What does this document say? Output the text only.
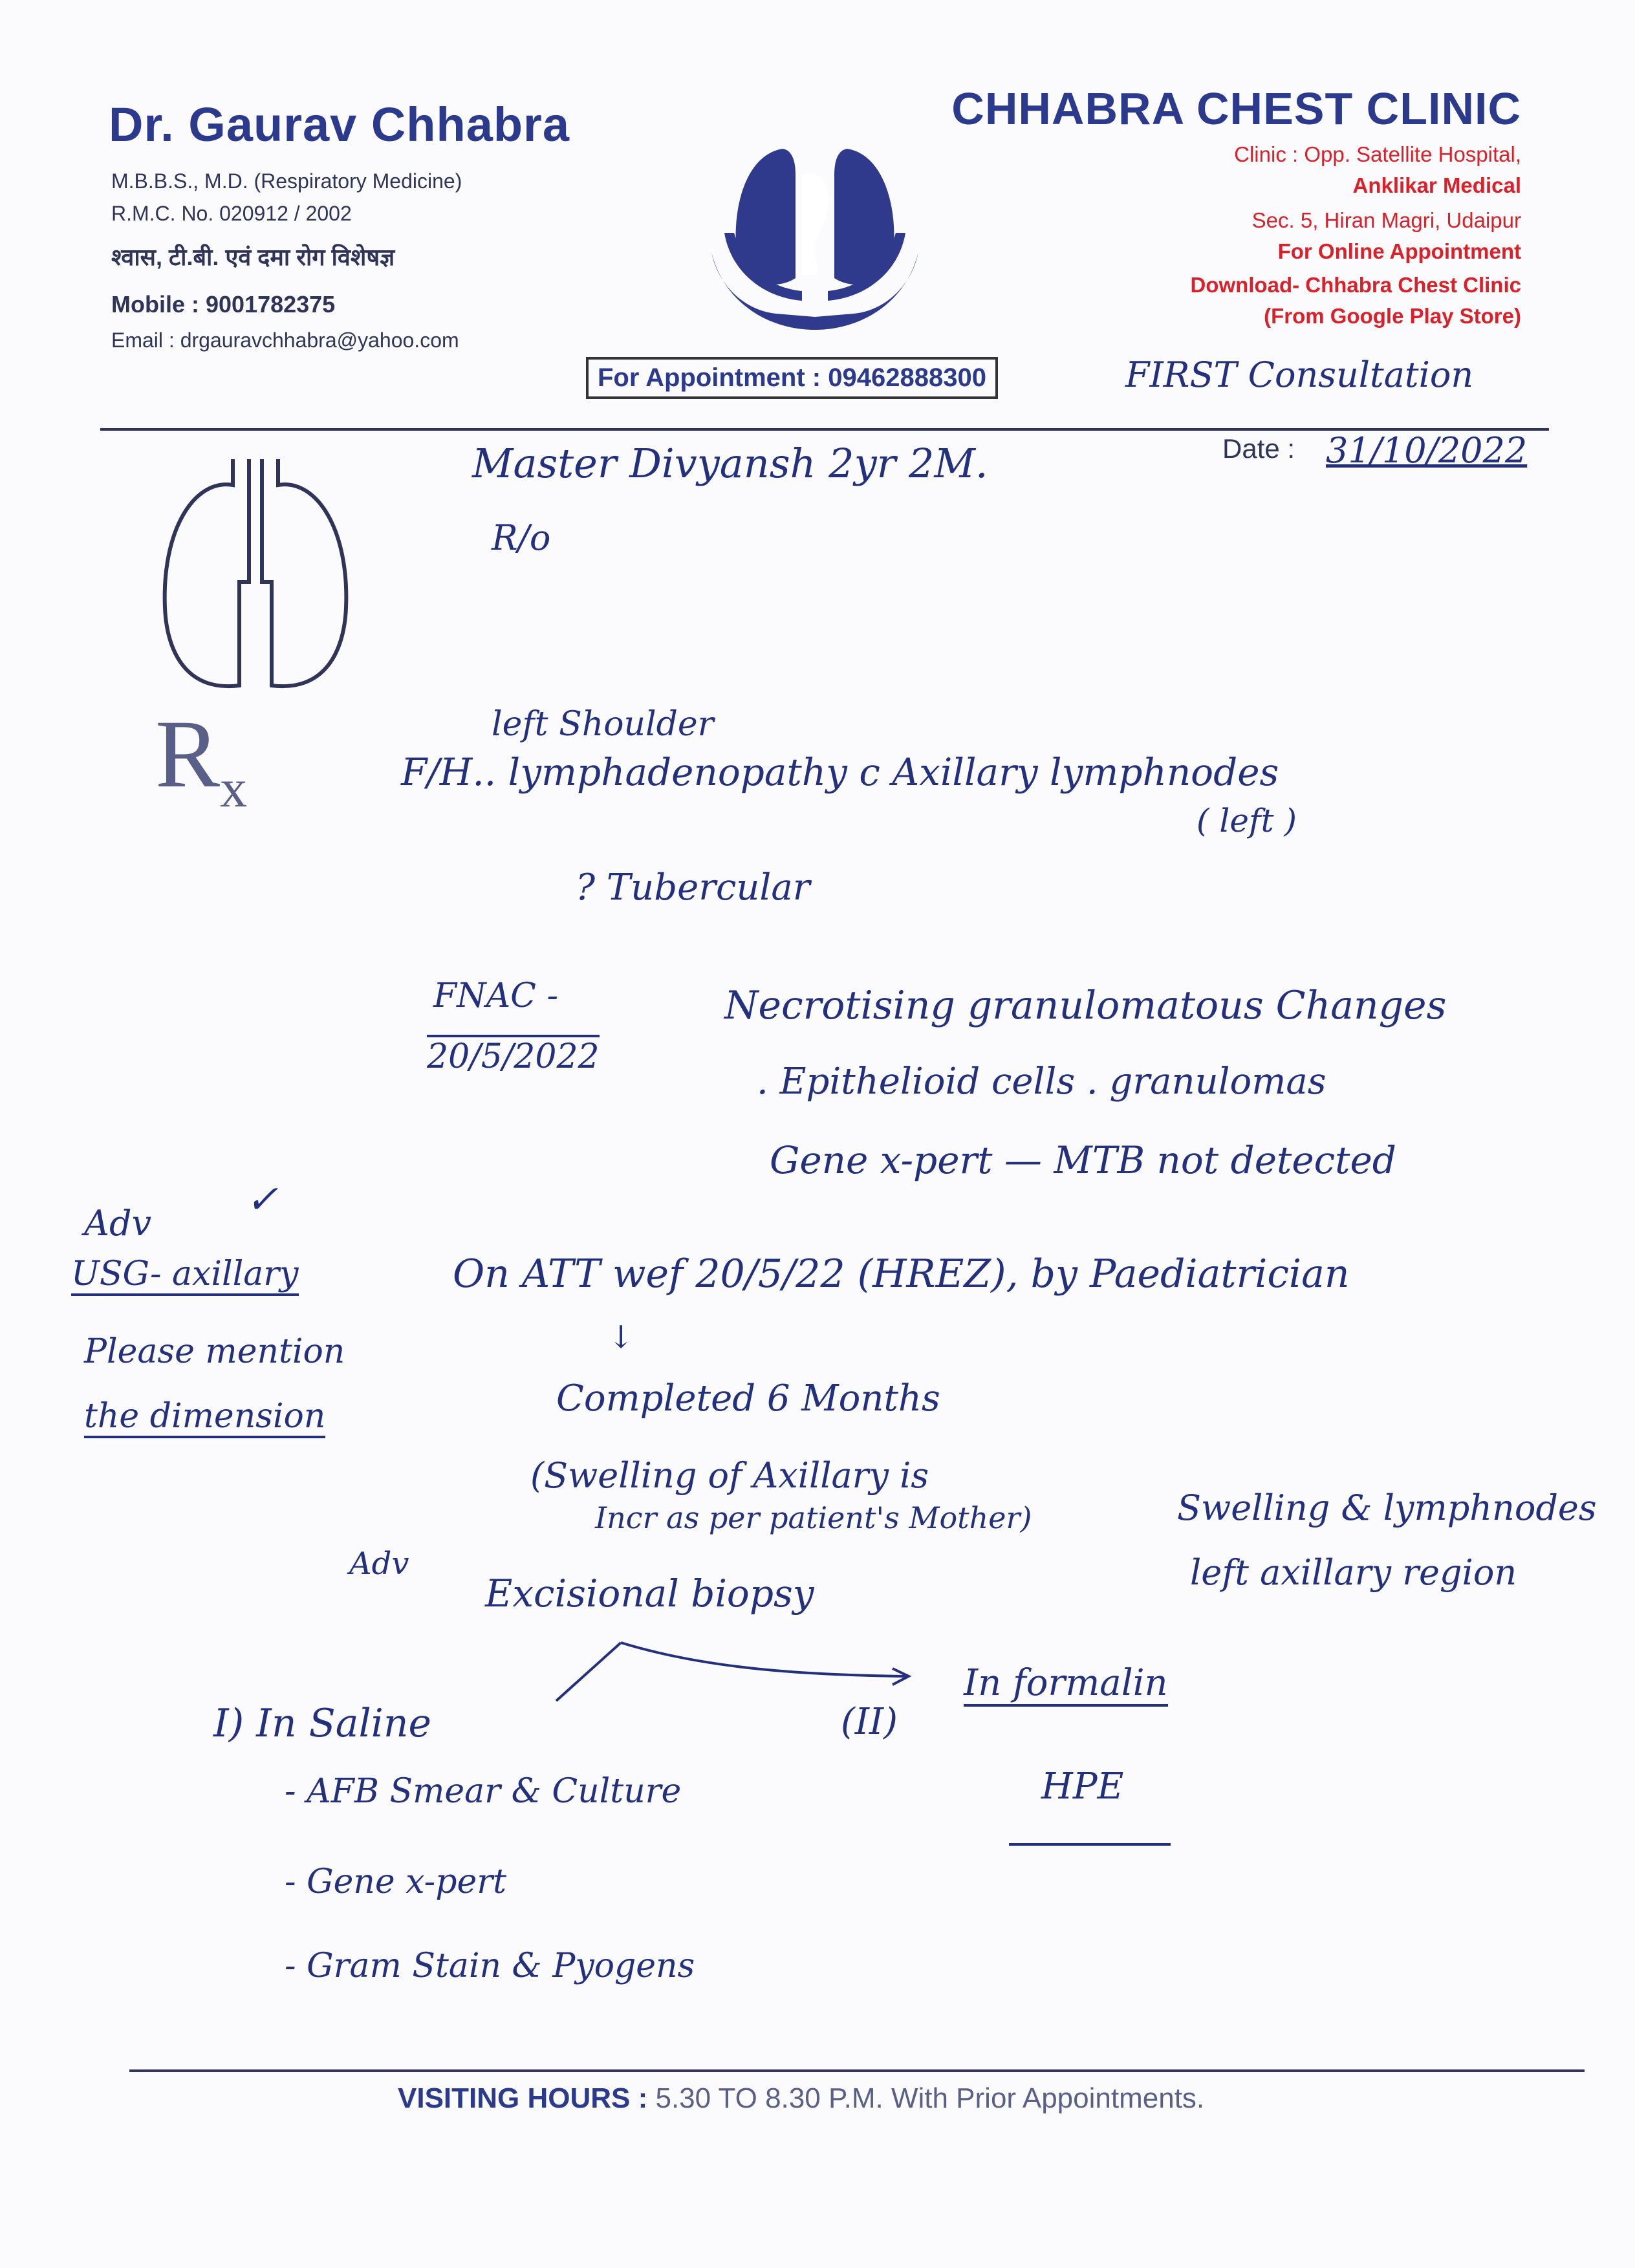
Dr. Gaurav Chhabra
M.B.B.S., M.D. (Respiratory Medicine)
R.M.C. No. 020912 / 2002
श्वास, टी.बी. एवं दमा रोग विशेषज्ञ
Mobile : 9001782375
Email : drgauravchhabra@yahoo.com
CHHABRA CHEST CLINIC
Clinic : Opp. Satellite Hospital,
Anklikar Medical
Sec. 5, Hiran Magri, Udaipur
For Online Appointment
Download- Chhabra Chest Clinic
(From Google Play Store)
For Appointment : 09462888300	FIRST Consultation
$R_x$
Date : 31/10/2022
Master Divyansh 2yr 2M.
R/o
left Shoulder
F/H.. lymphadenopathy c Axillary lymphnodes
( left )
? Tubercular
FNAC -
20/5/2022
Necrotising granulomatous Changes
. Epithelioid cells . granulomas
Gene x-pert — MTB not detected
Adv
✓
USG- axillary
Please mention
the dimension
On ATT wef 20/5/22 (HREZ), by Paediatrician
↓
Completed 6 Months
(Swelling of Axillary is
Incr as per patient's Mother)	Swelling & lymphnodes
left axillary region
Adv
Excisional biopsy
I) In Saline	(II)
In formalin
HPE
- AFB Smear & Culture
- Gene x-pert
- Gram Stain & Pyogens
VISITING HOURS : 5.30 TO 8.30 P.M. With Prior Appointments.
